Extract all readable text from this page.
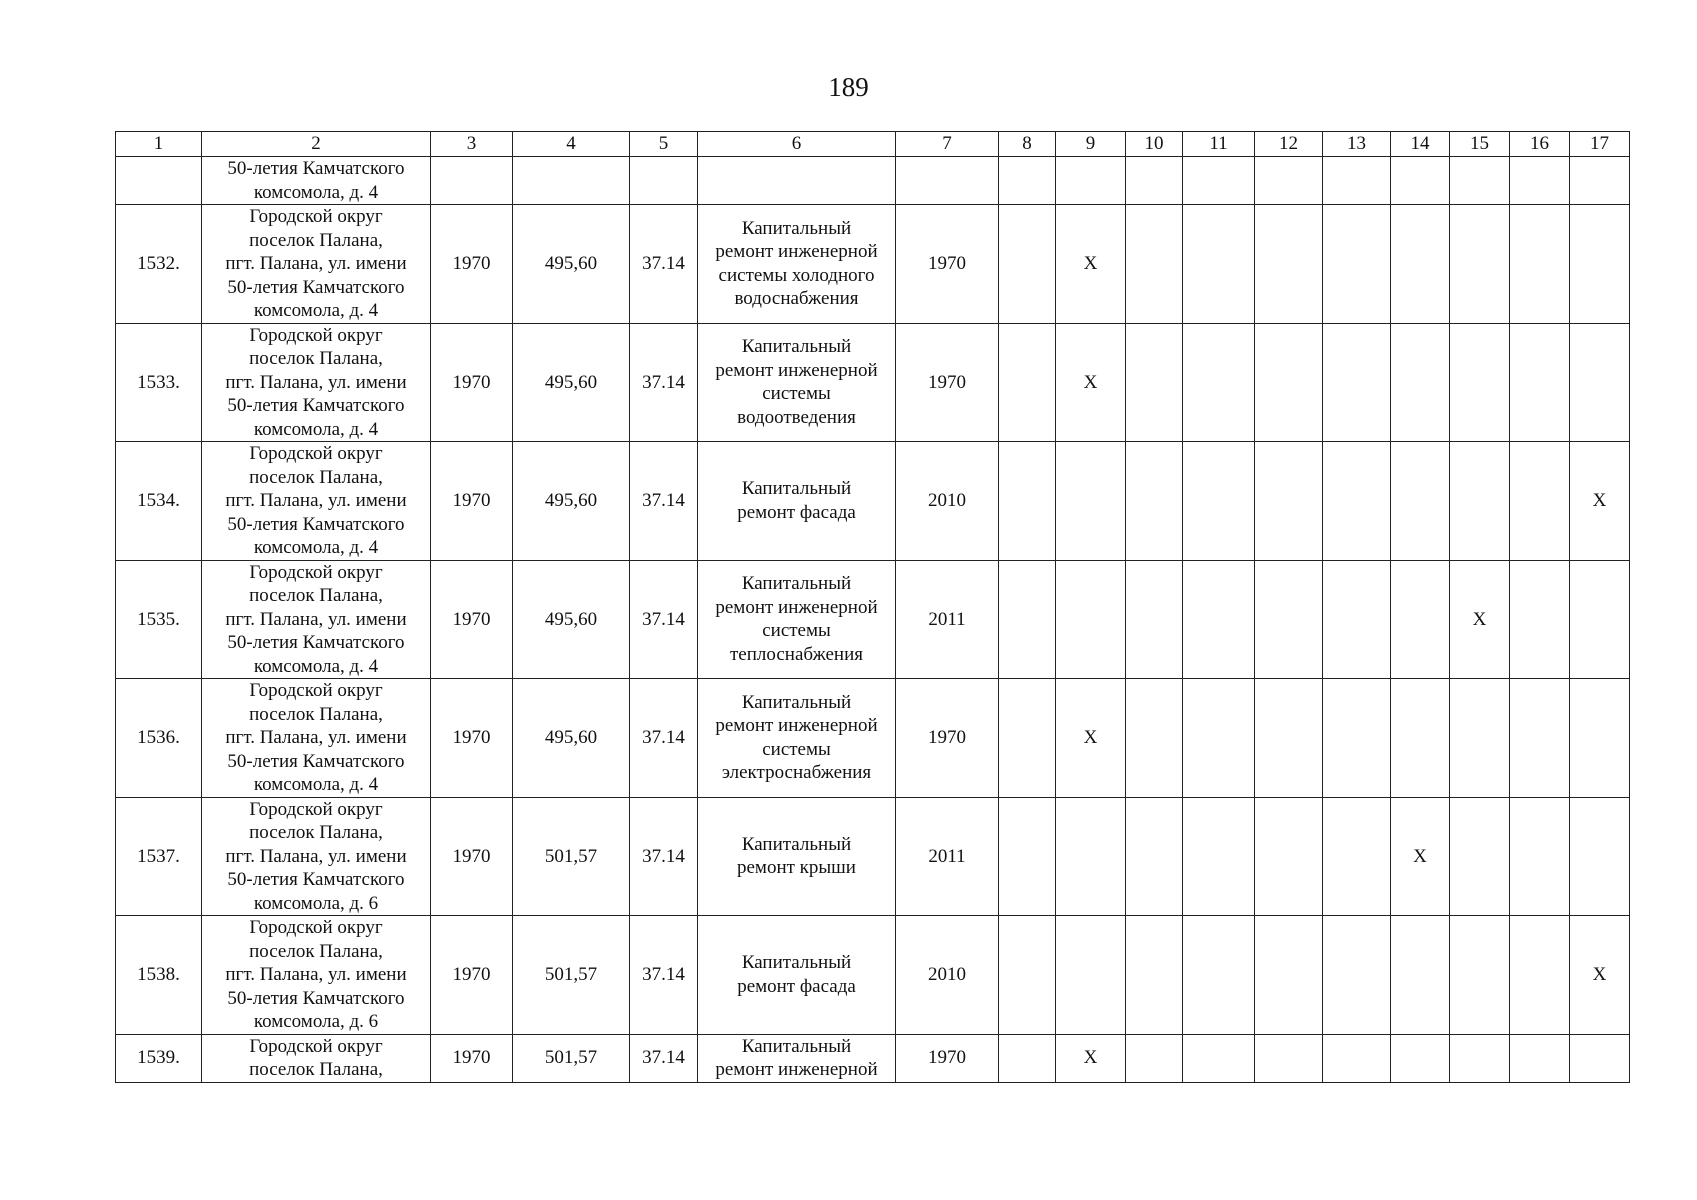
189
1	2	3	4	5	6	7	8	9	10	11	12	13	14	15	16	17

	50-летия Камчатского
комсомола, д. 4															

1532.	Городской округ
поселок Палана,
пгт. Палана, ул. имени
50-летия Камчатского
комсомола, д. 4	1970	495,60	37.14	Капитальный
ремонт инженерной
системы холодного
водоснабжения	1970		X								
1533.	Городской округ
поселок Палана,
пгт. Палана, ул. имени
50-летия Камчатского
комсомола, д. 4	1970	495,60	37.14	Капитальный
ремонт инженерной
системы
водоотведения	1970		X								
1534.	Городской округ
поселок Палана,
пгт. Палана, ул. имени
50-летия Камчатского
комсомола, д. 4	1970	495,60	37.14	Капитальный
ремонт фасада	2010										X
1535.	Городской округ
поселок Палана,
пгт. Палана, ул. имени
50-летия Камчатского
комсомола, д. 4	1970	495,60	37.14	Капитальный
ремонт инженерной
системы
теплоснабжения	2011								X		
1536.	Городской округ
поселок Палана,
пгт. Палана, ул. имени
50-летия Камчатского
комсомола, д. 4	1970	495,60	37.14	Капитальный
ремонт инженерной
системы
электроснабжения	1970		X								
1537.	Городской округ
поселок Палана,
пгт. Палана, ул. имени
50-летия Камчатского
комсомола, д. 6	1970	501,57	37.14	Капитальный
ремонт крыши	2011							X			
1538.	Городской округ
поселок Палана,
пгт. Палана, ул. имени
50-летия Камчатского
комсомола, д. 6	1970	501,57	37.14	Капитальный
ремонт фасада	2010										X
1539.	Городской округ
поселок Палана,	1970	501,57	37.14	Капитальный
ремонт инженерной	1970		X								
